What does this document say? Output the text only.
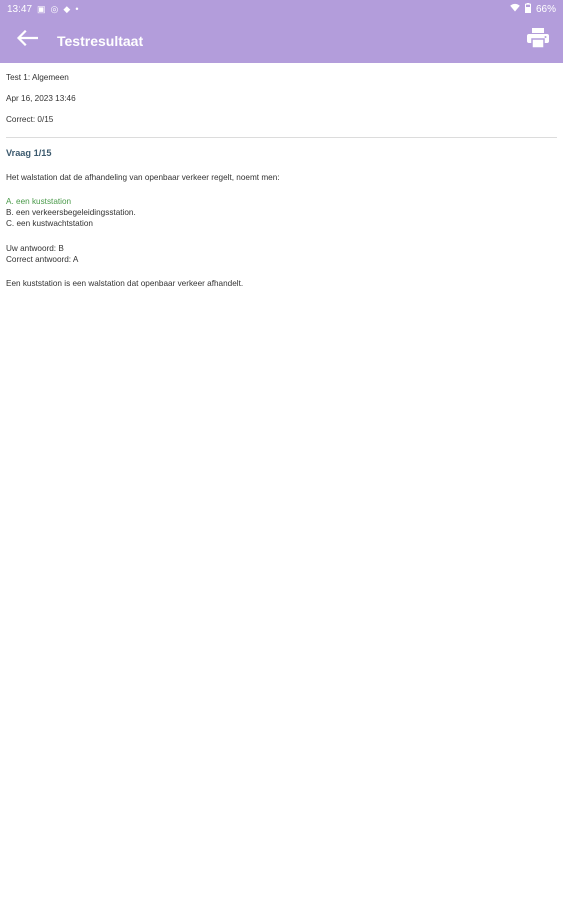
13:47 ▣ ◎ ◆ •	66%
Testresultaat

Test 1: Algemeen

Apr 16, 2023 13:46

Correct: 0/15

Vraag 1/15
Het walstation dat de afhandeling van openbaar verkeer regelt, noemt men:
A. een kuststation
B. een verkeersbegeleidingsstation.
C. een kustwachtstation
Uw antwoord: B
Correct antwoord: A
Een kuststation is een walstation dat openbaar verkeer afhandelt.
